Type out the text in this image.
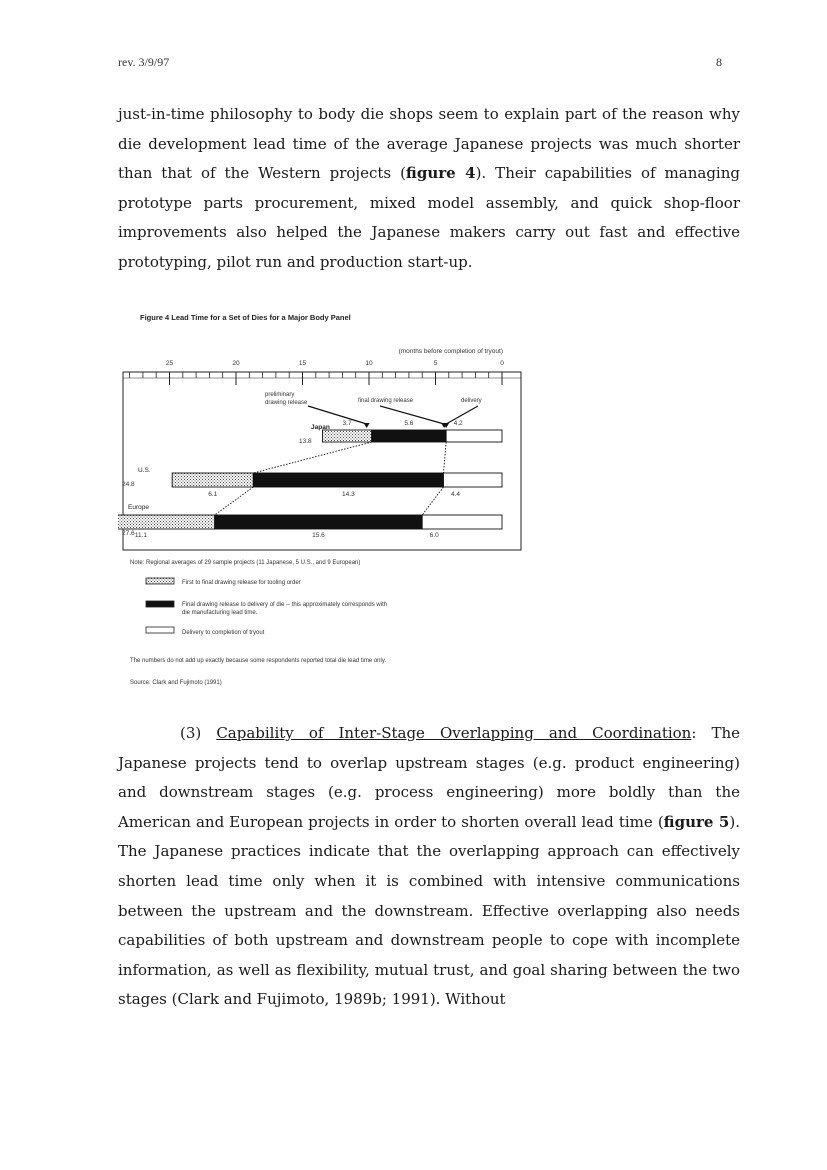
rev. 3/9/97	8

just-in-time philosophy to body die shops seem to explain part of the reason why die development lead time of the average Japanese projects was much shorter than that of the Western projects (figure 4). Their capabilities of managing prototype parts procurement, mixed model assembly, and quick shop-floor improvements also helped the Japanese makers carry out fast and effective prototyping, pilot run and production start-up.

Figure 4 Lead Time for a Set of Dies for a Major Body Panel
(months before completion of tryout)
25	20	15	10	5	0
preliminary
drawing release	final drawing release	delivery
3.7	5.6	4.2
Japan
13.8
6.1	14.3	4.4
U.S.
24.8
11.1	15.6	6.0
Europe
27.6
Note: Regional averages of 29 sample projects (11 Japanese, 5 U.S., and 9 European)
First to final drawing release for tooling order
Final drawing release to delivery of die -- this approximately corresponds with
die manufacturing lead time.
Delivery to completion of tryout
The numbers do not add up exactly because some respondents reported total die lead time only.
Source: Clark and Fujimoto (1991)

(3) Capability of Inter-Stage Overlapping and Coordination: The Japanese projects tend to overlap upstream stages (e.g. product engineering) and downstream stages (e.g. process engineering) more boldly than the American and European projects in order to shorten overall lead time (figure 5). The Japanese practices indicate that the overlapping approach can effectively shorten lead time only when it is combined with intensive communications between the upstream and the downstream. Effective overlapping also needs capabilities of both upstream and downstream people to cope with incomplete information, as well as flexibility, mutual trust, and goal sharing between the two stages (Clark and Fujimoto, 1989b; 1991). Without
